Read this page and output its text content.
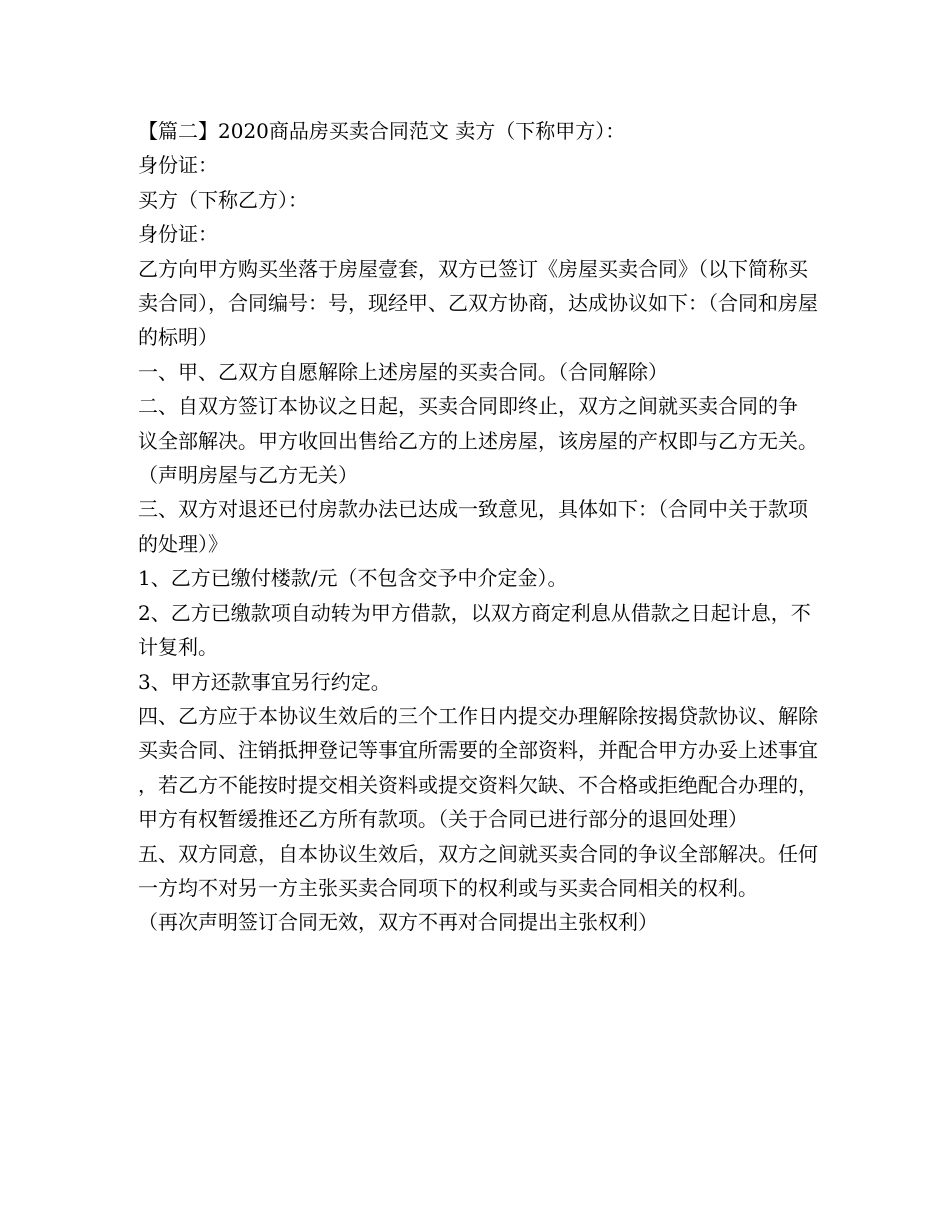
【篇二】2020商品房买卖合同范文 卖方（下称甲方）：

身份证：

买方（下称乙方）：

身份证：

乙方向甲方购买坐落于房屋壹套，双方已签订《房屋买卖合同》（以下简称买卖合同），合同编号：号，现经甲、乙双方协商，达成协议如下：（合同和房屋的标明）

一、甲、乙双方自愿解除上述房屋的买卖合同。（合同解除）

二、自双方签订本协议之日起，买卖合同即终止，双方之间就买卖合同的争

议全部解决。甲方收回出售给乙方的上述房屋，该房屋的产权即与乙方无关。

（声明房屋与乙方无关）

三、双方对退还已付房款办法已达成一致意见，具体如下：（合同中关于款项的处理）》

1、乙方已缴付楼款/元（不包含交予中介定金）。

2、乙方已缴款项自动转为甲方借款，以双方商定利息从借款之日起计息，不计复利。

3、甲方还款事宜另行约定。

四、乙方应于本协议生效后的三个工作日内提交办理解除按揭贷款协议、解除买卖合同、注销抵押登记等事宜所需要的全部资料，并配合甲方办妥上述事宜，若乙方不能按时提交相关资料或提交资料欠缺、不合格或拒绝配合办理的，甲方有权暂缓推还乙方所有款项。（关于合同已进行部分的退回处理）

五、双方同意，自本协议生效后，双方之间就买卖合同的争议全部解决。任何一方均不对另一方主张买卖合同项下的权利或与买卖合同相关的权利。

（再次声明签订合同无效，双方不再对合同提出主张权利）
